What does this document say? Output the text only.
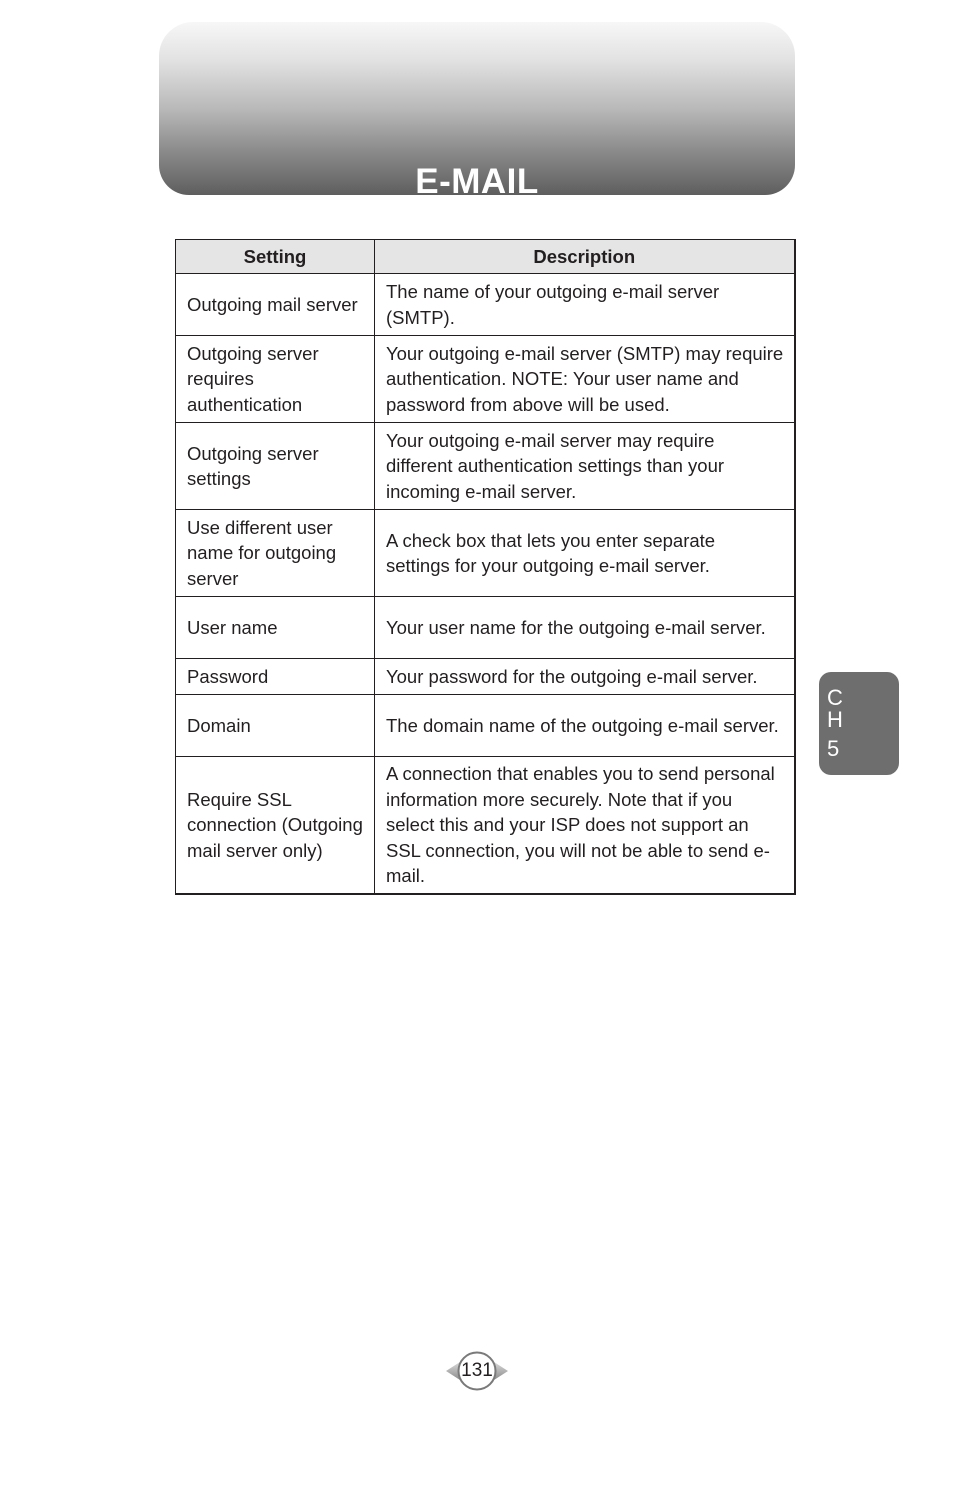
E-MAIL
Setting	Description
Outgoing mail server	The name of your outgoing e-mail server (SMTP).
Outgoing server requires authentication	Your outgoing e-mail server (SMTP) may require authentication. NOTE: Your user name and password from above will be used.
Outgoing server settings	Your outgoing e-mail server may require different authentication settings than your incoming e-mail server.
Use different user name for outgoing server	A check box that lets you enter separate settings for your outgoing e-mail server.
User name	Your user name for the outgoing e-mail server.
Password	Your password for the outgoing e-mail server.
Domain	The domain name of the outgoing e-mail server.
Require SSL connection (Outgoing mail server only)	A connection that enables you to send personal information more securely. Note that if you select this and your ISP does not support an SSL connection, you will not be able to send e-mail.
C
H
5
131
